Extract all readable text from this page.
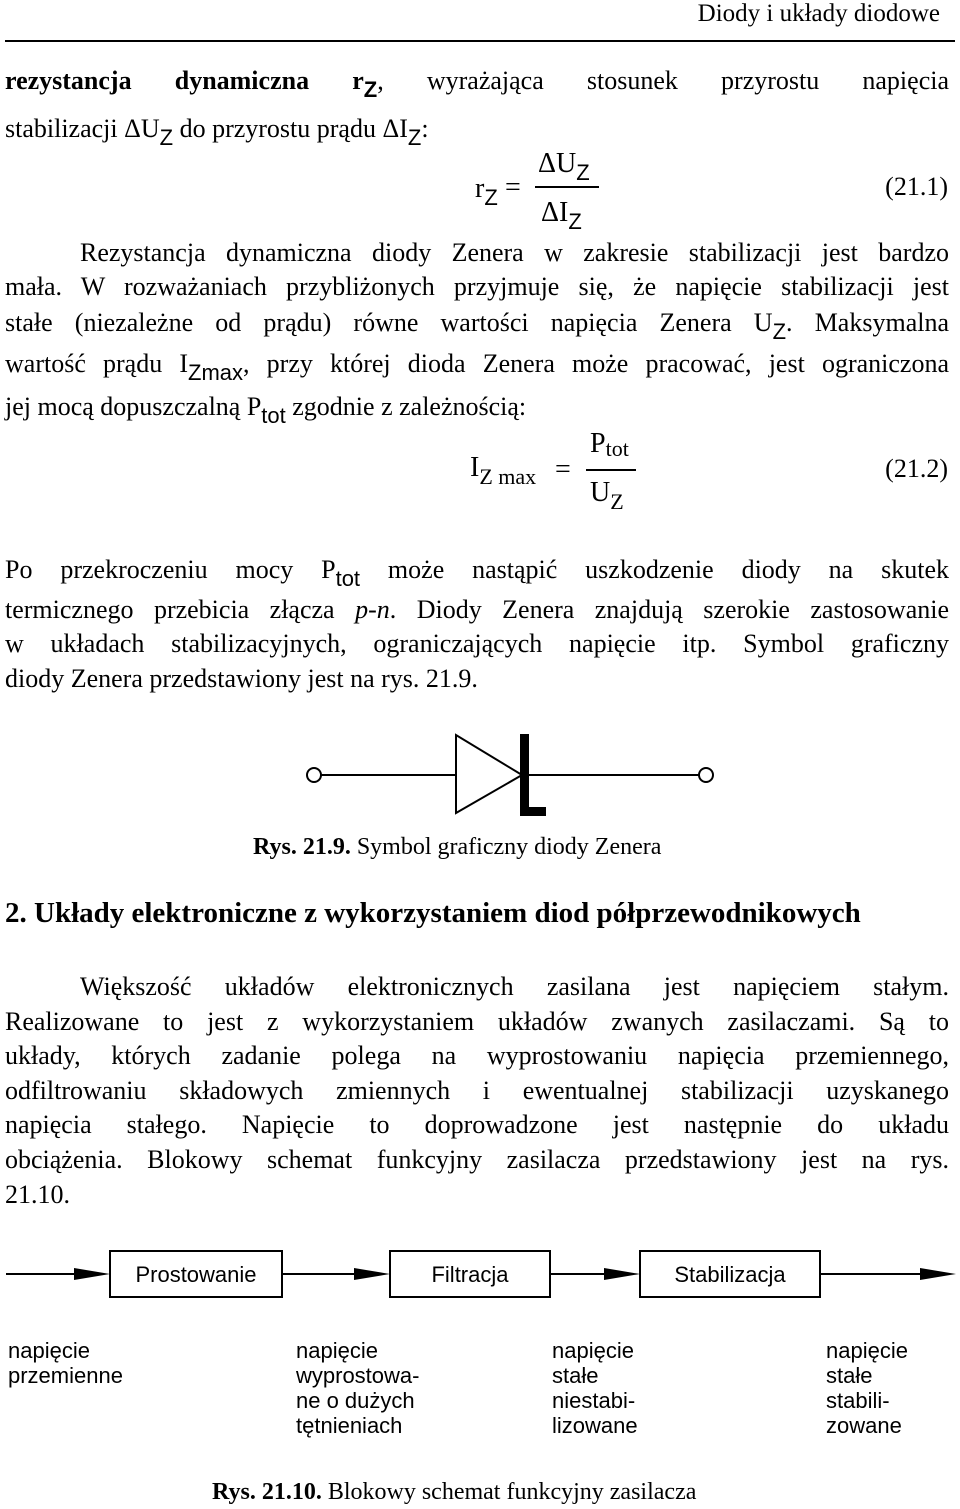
Diody i układy diodowe
rezystancja dynamiczna $r_Z$, wyrażająca stosunek przyrostu napięcia
stabilizacji $\Delta U_Z$ do przyrostu prądu $\Delta I_Z$:
$r_Z$ =
$\Delta U_Z$
$\Delta I_Z$
(21.1)
Rezystancja dynamiczna diody Zenera w zakresie stabilizacji jest bardzo
mała. W rozważaniach przybliżonych przyjmuje się, że napięcie stabilizacji jest
stałe (niezależne od prądu) równe wartości napięcia Zenera $U_Z$. Maksymalna
wartość prądu $I_{Zmax}$, przy której dioda Zenera może pracować, jest ograniczona
jej mocą dopuszczalną $P_{tot}$ zgodnie z zależnością:
$I_{Z max}$ =
Ptot
$U_Z$
(21.2)
Po przekroczeniu mocy $P_{tot}$ może nastąpić uszkodzenie diody na skutek
termicznego przebicia złącza p-n. Diody Zenera znajdują szerokie zastosowanie
w układach stabilizacyjnych, ograniczających napięcie itp. Symbol graficzny
diody Zenera przedstawiony jest na rys. 21.9.
Rys. 21.9. Symbol graficzny diody Zenera
2. Układy elektroniczne z wykorzystaniem diod półprzewodnikowych
Większość układów elektronicznych zasilana jest napięciem stałym.
Realizowane to jest z wykorzystaniem układów zwanych zasilaczami. Są to
układy, których zadanie polega na wyprostowaniu napięcia przemiennego,
odfiltrowaniu składowych zmiennych i ewentualnej stabilizacji uzyskanego
napięcia stałego. Napięcie to doprowadzone jest następnie do układu
obciążenia. Blokowy schemat funkcyjny zasilacza przedstawiony jest na rys.
21.10.
Prostowanie	Filtracja	Stabilizacja
napięcie
przemienne
napięcie
wyprostowa-
ne o dużych
tętnieniach
napięcie
stałe
niestabi-
lizowane
napięcie
stałe
stabili-
zowane
Rys. 21.10. Blokowy schemat funkcyjny zasilacza
